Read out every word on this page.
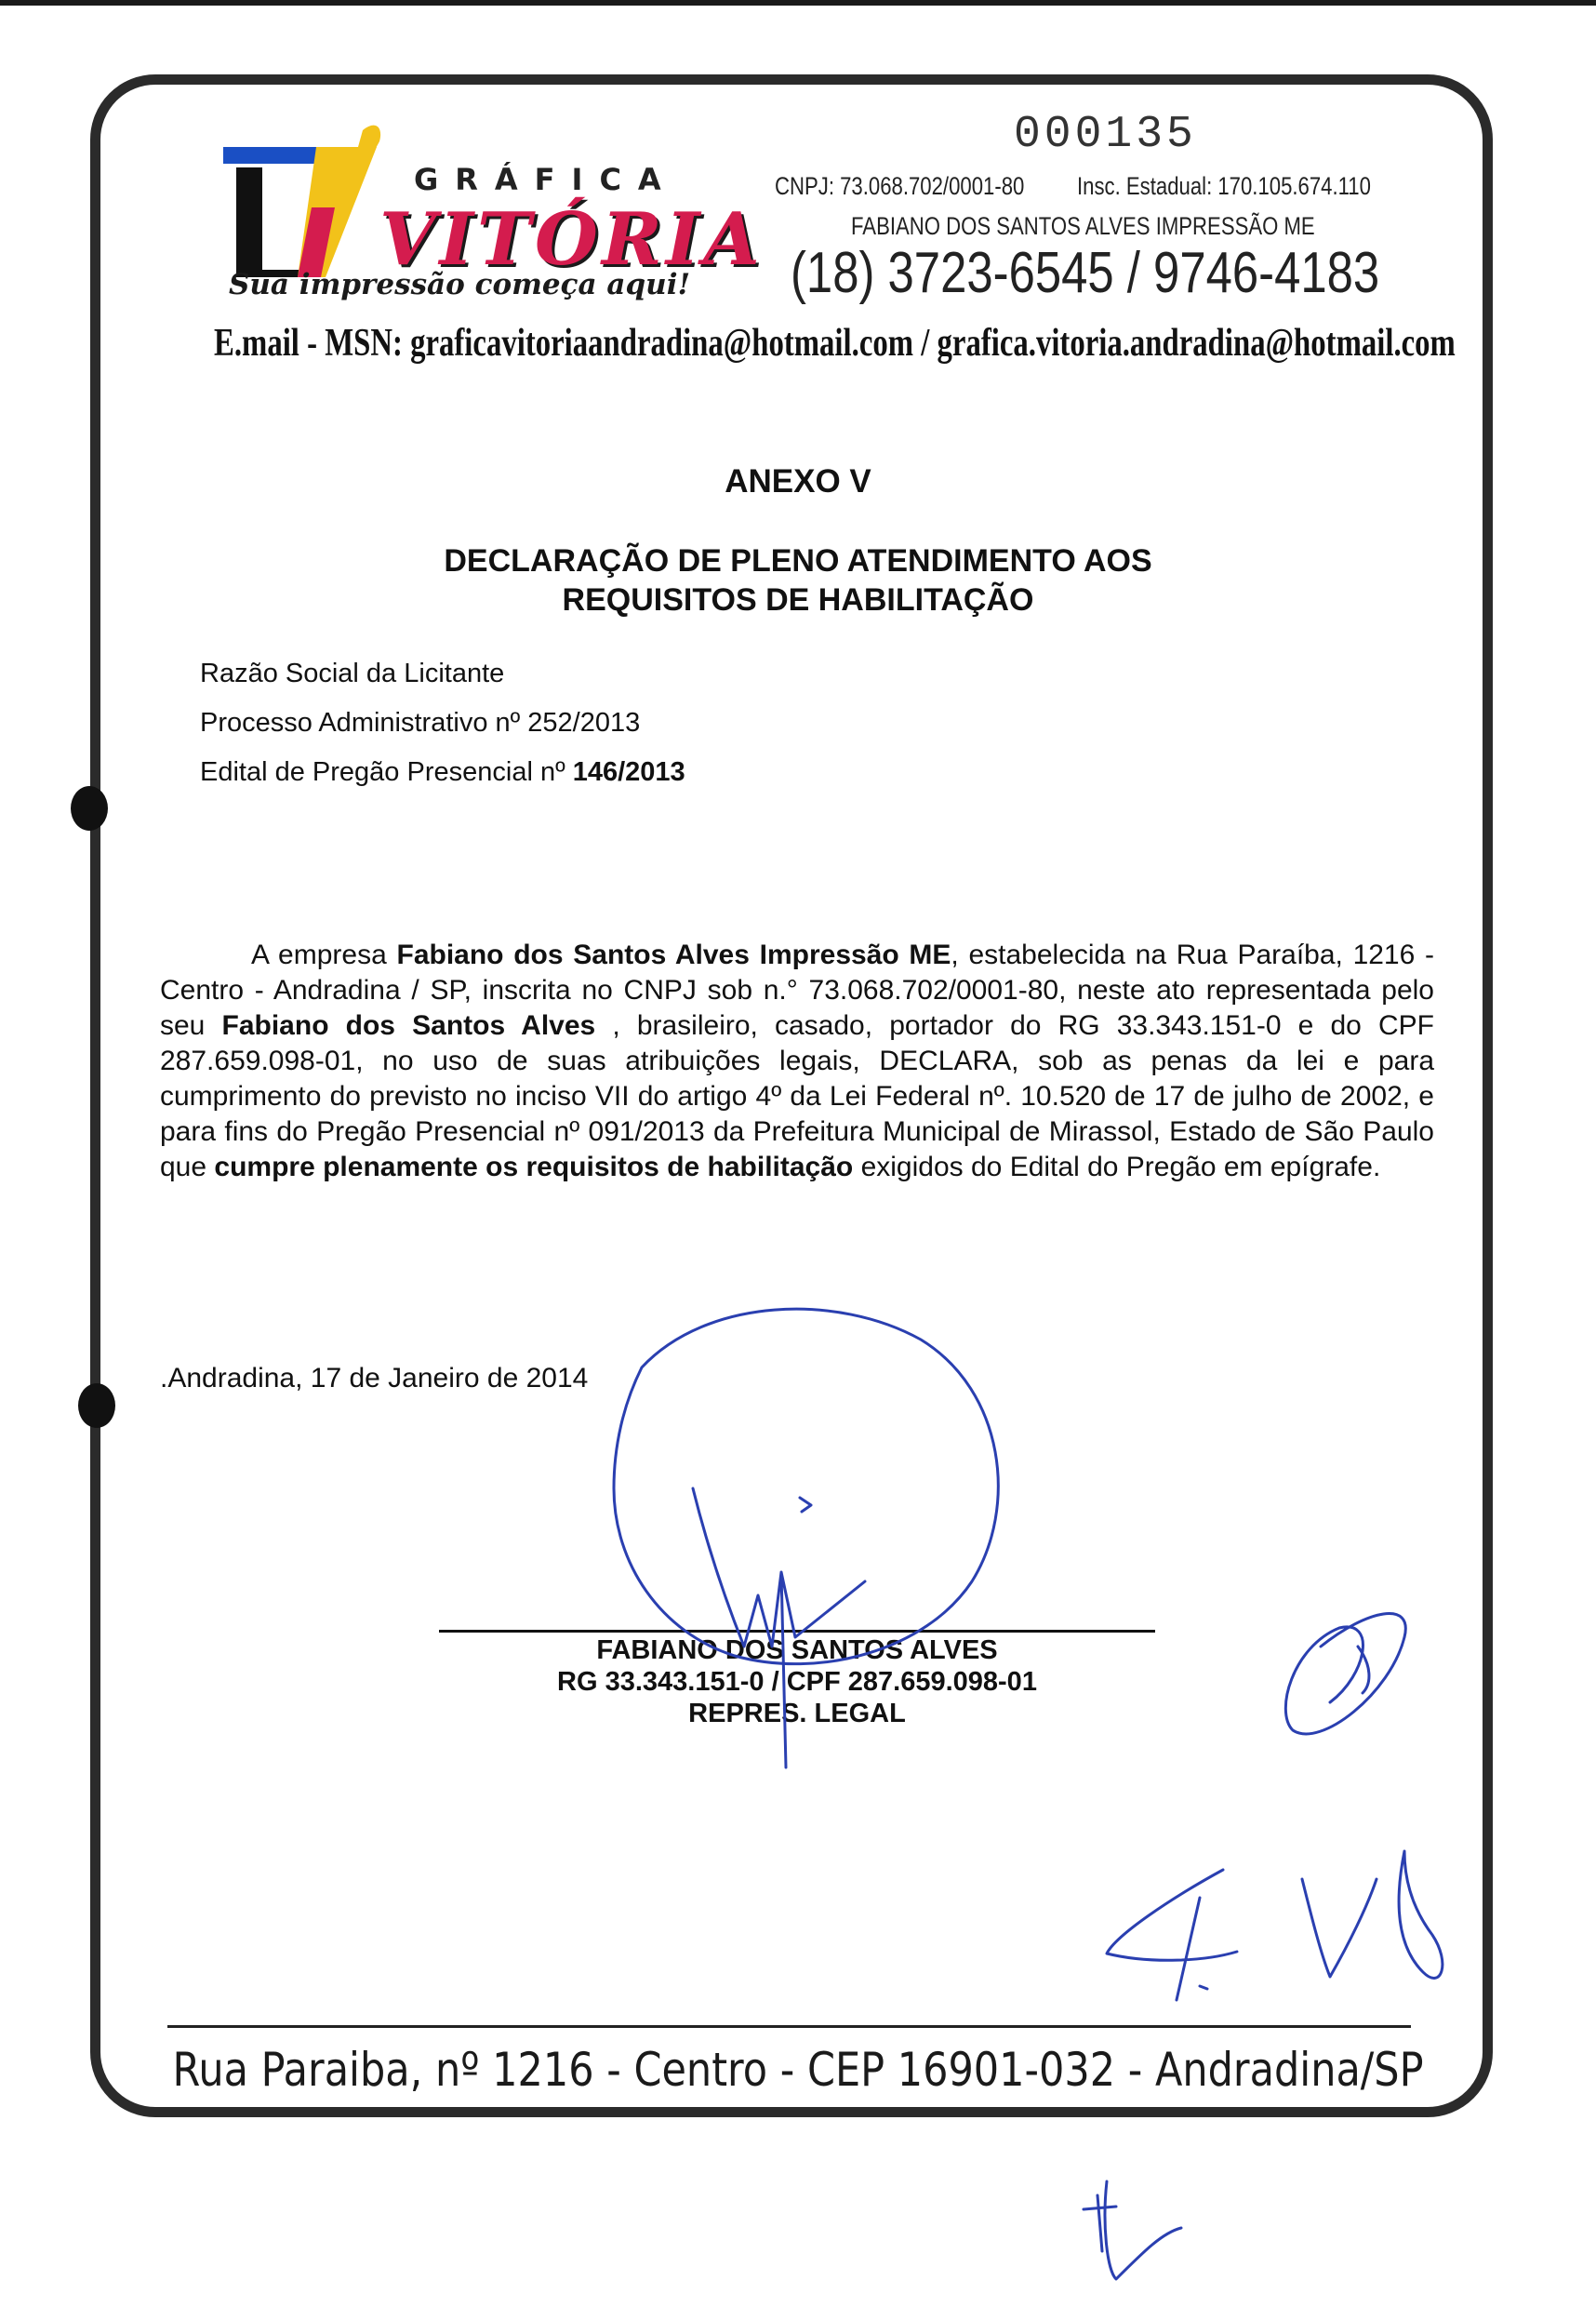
GRÁFICA
VITÓRIA
Sua impressão começa aqui!
000135
CNPJ: 73.068.702/0001-80 Insc. Estadual: 170.105.674.110
FABIANO DOS SANTOS ALVES IMPRESSÃO ME
(18) 3723-6545 / 9746-4183
E.mail - MSN: graficavitoriaandradina@hotmail.com / grafica.vitoria.andradina@hotmail.com
ANEXO V
DECLARAÇÃO DE PLENO ATENDIMENTO AOS
REQUISITOS DE HABILITAÇÃO
Razão Social da Licitante
Processo Administrativo nº 252/2013
Edital de Pregão Presencial nº 146/2013
A empresa Fabiano dos Santos Alves Impressão ME, estabelecida na Rua Paraíba, 1216 - Centro - Andradina / SP, inscrita no CNPJ sob n.° 73.068.702/0001-80, neste ato representada pelo seu Fabiano dos Santos Alves , brasileiro, casado, portador do RG 33.343.151-0 e do CPF 287.659.098-01, no uso de suas atribuições legais, DECLARA, sob as penas da lei e para cumprimento do previsto no inciso VII do artigo 4º da Lei Federal nº. 10.520 de 17 de julho de 2002, e para fins do Pregão Presencial nº 091/2013 da Prefeitura Municipal de Mirassol, Estado de São Paulo que cumpre plenamente os requisitos de habilitação exigidos do Edital do Pregão em epígrafe.
.Andradina, 17 de Janeiro de 2014
FABIANO DOS SANTOS ALVES
RG 33.343.151-0 / CPF 287.659.098-01
REPRES. LEGAL
Rua Paraiba, nº 1216 - Centro - CEP 16901-032 - Andradina/SP
